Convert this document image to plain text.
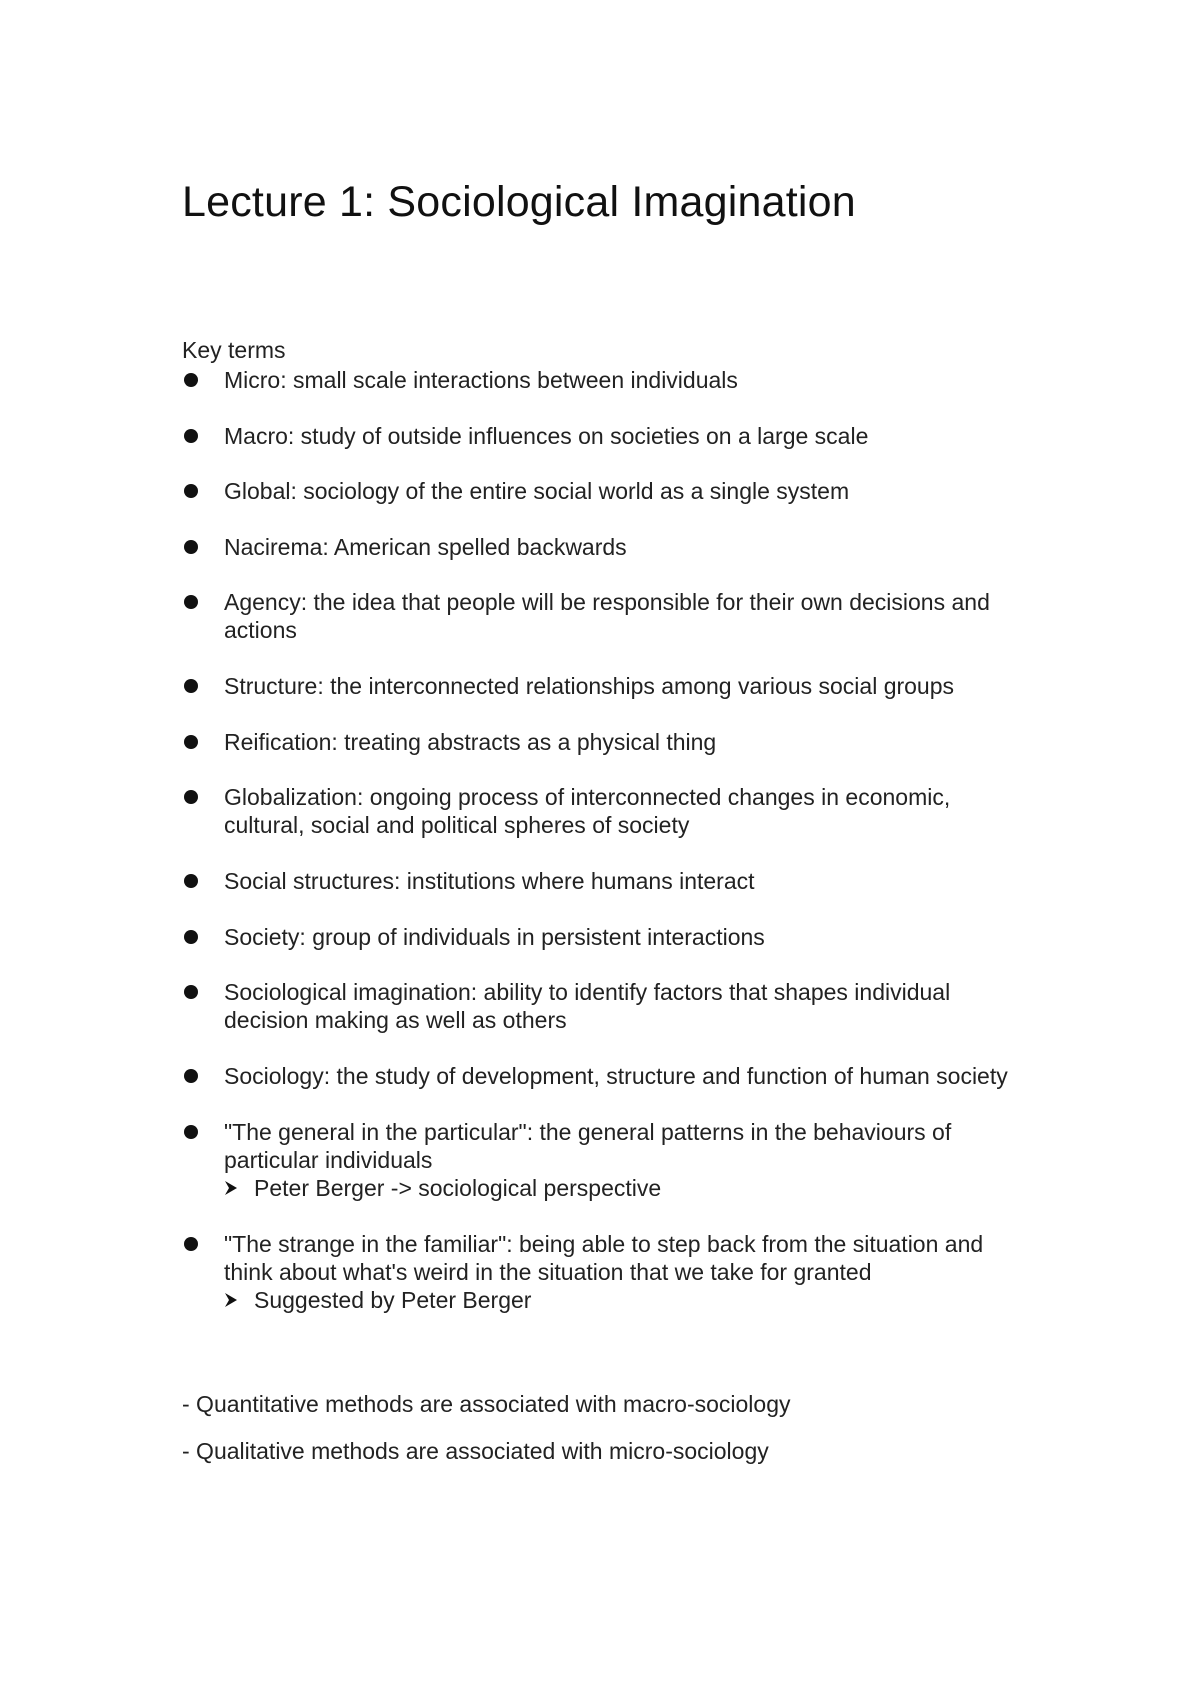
Lecture 1: Sociological Imagination
Key terms
Micro: small scale interactions between individuals
Macro: study of outside influences on societies on a large scale
Global: sociology of the entire social world as a single system
Nacirema: American spelled backwards
Agency: the idea that people will be responsible for their own decisions and actions
Structure: the interconnected relationships among various social groups
Reification: treating abstracts as a physical thing
Globalization: ongoing process of interconnected changes in economic, cultural, social and political spheres of society
Social structures: institutions where humans interact
Society: group of individuals in persistent interactions
Sociological imagination: ability to identify factors that shapes individual decision making as well as others
Sociology: the study of development, structure and function of human society
"The general in the particular": the general patterns in the behaviours of particular individuals
Peter Berger -> sociological perspective
"The strange in the familiar": being able to step back from the situation and think about what's weird in the situation that we take for granted
Suggested by Peter Berger
- Quantitative methods are associated with macro-sociology
- Qualitative methods are associated with micro-sociology
